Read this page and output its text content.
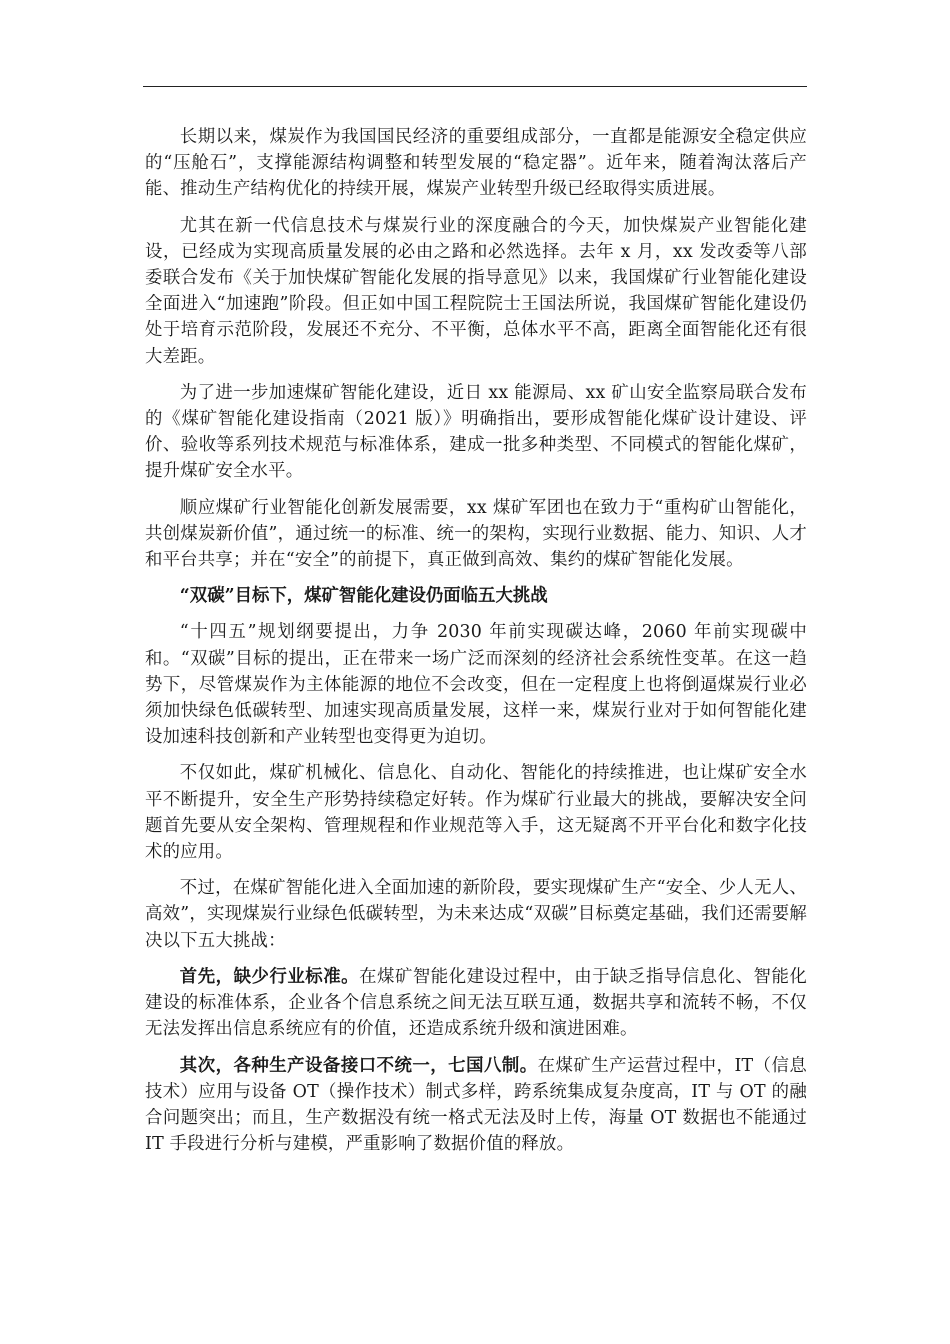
长期以来，煤炭作为我国国民经济的重要组成部分，一直都是能源安全稳定供应的“压舱石”，支撑能源结构调整和转型发展的“稳定器”。近年来，随着淘汰落后产能、推动生产结构优化的持续开展，煤炭产业转型升级已经取得实质进展。

尤其在新一代信息技术与煤炭行业的深度融合的今天，加快煤炭产业智能化建设，已经成为实现高质量发展的必由之路和必然选择。去年 x 月，xx 发改委等八部委联合发布《关于加快煤矿智能化发展的指导意见》以来，我国煤矿行业智能化建设全面进入“加速跑”阶段。但正如中国工程院院士王国法所说，我国煤矿智能化建设仍处于培育示范阶段，发展还不充分、不平衡，总体水平不高，距离全面智能化还有很大差距。

为了进一步加速煤矿智能化建设，近日 xx 能源局、xx 矿山安全监察局联合发布的《煤矿智能化建设指南（2021 版）》明确指出，要形成智能化煤矿设计建设、评价、验收等系列技术规范与标准体系，建成一批多种类型、不同模式的智能化煤矿，提升煤矿安全水平。

顺应煤矿行业智能化创新发展需要，xx 煤矿军团也在致力于“重构矿山智能化，共创煤炭新价值”，通过统一的标准、统一的架构，实现行业数据、能力、知识、人才和平台共享；并在“安全”的前提下，真正做到高效、集约的煤矿智能化发展。

“双碳”目标下，煤矿智能化建设仍面临五大挑战

“十四五”规划纲要提出，力争 2030 年前实现碳达峰，2060 年前实现碳中和。“双碳”目标的提出，正在带来一场广泛而深刻的经济社会系统性变革。在这一趋势下，尽管煤炭作为主体能源的地位不会改变，但在一定程度上也将倒逼煤炭行业必须加快绿色低碳转型、加速实现高质量发展，这样一来，煤炭行业对于如何智能化建设加速科技创新和产业转型也变得更为迫切。

不仅如此，煤矿机械化、信息化、自动化、智能化的持续推进，也让煤矿安全水平不断提升，安全生产形势持续稳定好转。作为煤矿行业最大的挑战，要解决安全问题首先要从安全架构、管理规程和作业规范等入手，这无疑离不开平台化和数字化技术的应用。

不过，在煤矿智能化进入全面加速的新阶段，要实现煤矿生产“安全、少人无人、高效”，实现煤炭行业绿色低碳转型，为未来达成“双碳”目标奠定基础，我们还需要解决以下五大挑战：

首先，缺少行业标准。在煤矿智能化建设过程中，由于缺乏指导信息化、智能化建设的标准体系，企业各个信息系统之间无法互联互通，数据共享和流转不畅，不仅无法发挥出信息系统应有的价值，还造成系统升级和演进困难。

其次，各种生产设备接口不统一，七国八制。在煤矿生产运营过程中，IT（信息技术）应用与设备 OT（操作技术）制式多样，跨系统集成复杂度高，IT 与 OT 的融合问题突出；而且，生产数据没有统一格式无法及时上传，海量 OT 数据也不能通过 IT 手段进行分析与建模，严重影响了数据价值的释放。
